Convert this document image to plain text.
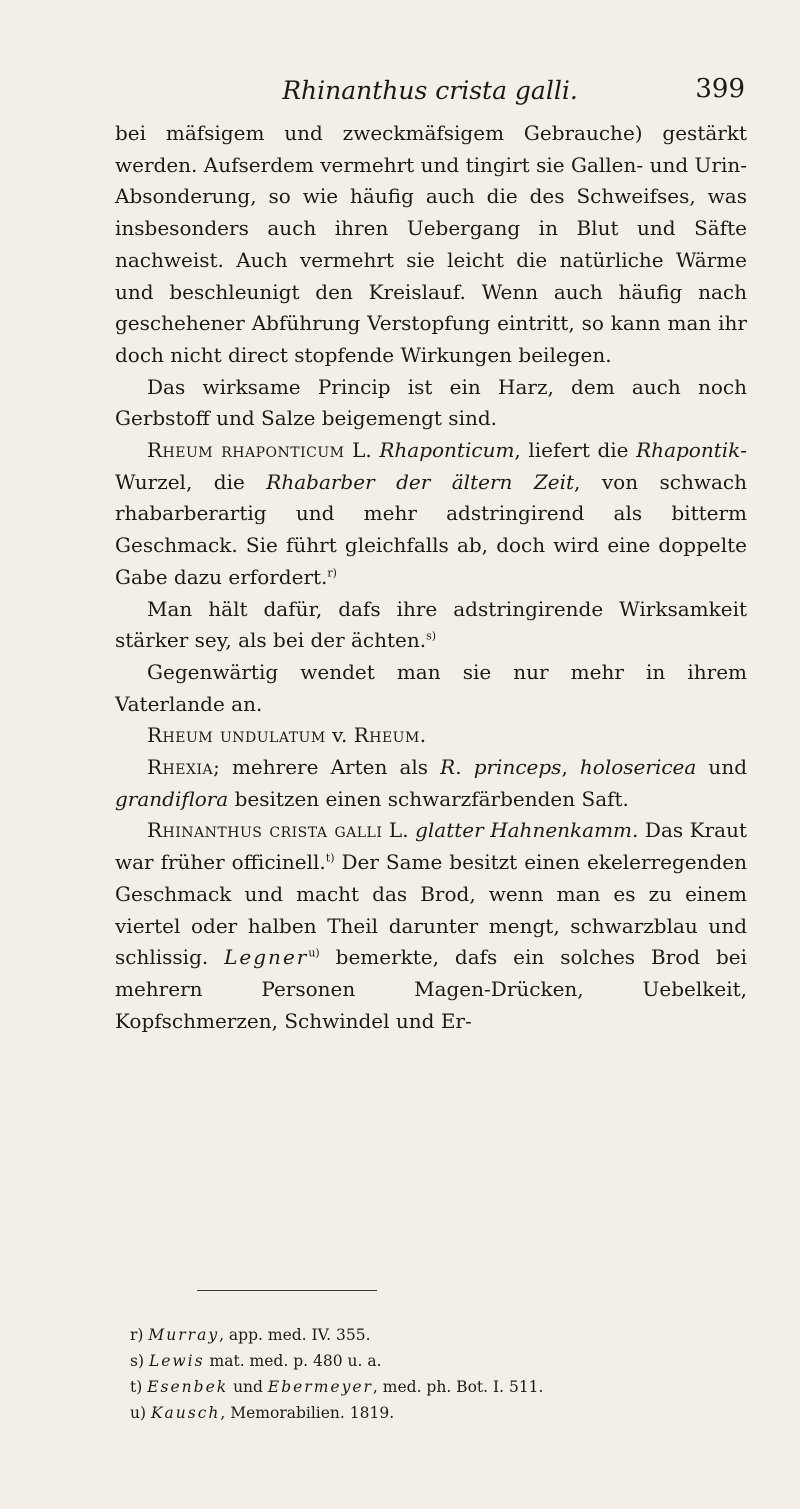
Rhinanthus crista galli.	399

bei mäfsigem und zweckmäfsigem Gebrauche) gestärkt werden. Aufserdem vermehrt und tingirt sie Gallen- und Urin-Absonderung, so wie häufig auch die des Schweifses, was insbesonders auch ihren Uebergang in Blut und Säfte nachweist. Auch vermehrt sie leicht die natürliche Wärme und beschleunigt den Kreislauf. Wenn auch häufig nach geschehener Abführung Verstopfung eintritt, so kann man ihr doch nicht direct stopfende Wirkungen beilegen.

Das wirksame Princip ist ein Harz, dem auch noch Gerbstoff und Salze beigemengt sind.

Rheum rhaponticum L. Rhaponticum, liefert die Rhapontik-Wurzel, die Rhabarber der ältern Zeit, von schwach rhabarberartig und mehr adstringirend als bitterm Geschmack. Sie führt gleichfalls ab, doch wird eine doppelte Gabe dazu erfordert.$^{r)}$

Man hält dafür, dafs ihre adstringirende Wirksamkeit stärker sey, als bei der ächten.$^{s)}$

Gegenwärtig wendet man sie nur mehr in ihrem Vaterlande an.

Rheum undulatum v. Rheum.

Rhexia; mehrere Arten als R. princeps, holosericea und grandiflora besitzen einen schwarzfärbenden Saft.

Rhinanthus crista galli L. glatter Hahnenkamm. Das Kraut war früher officinell.$^{t)}$ Der Same besitzt einen ekelerregenden Geschmack und macht das Brod, wenn man es zu einem viertel oder halben Theil darunter mengt, schwarzblau und schlissig. Legner$^{u)}$ bemerkte, dafs ein solches Brod bei mehrern Personen Magen-Drücken, Uebelkeit, Kopfschmerzen, Schwindel und Er-

r) Murray, app. med. IV. 355.

s) Lewis mat. med. p. 480 u. a.

t) Esenbek und Ebermeyer, med. ph. Bot. I. 511.

u) Kausch, Memorabilien. 1819.
